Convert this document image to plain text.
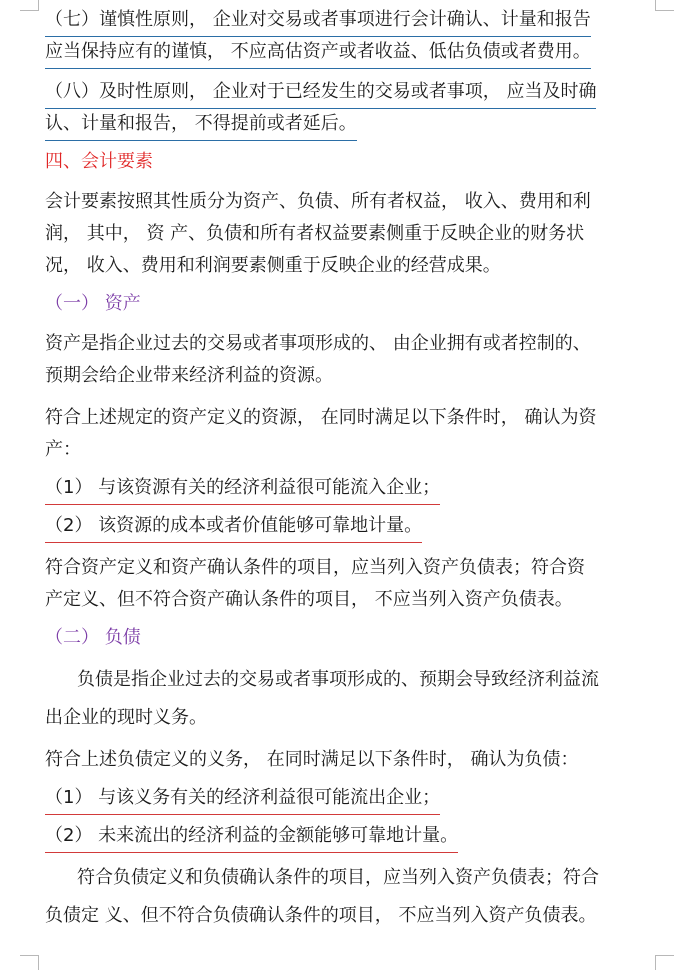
（七）谨慎性原则， 企业对交易或者事项进行会计确认、计量和报告
应当保持应有的谨慎， 不应高估资产或者收益、低估负债或者费用。
（八）及时性原则， 企业对于已经发生的交易或者事项， 应当及时确
认、计量和报告， 不得提前或者延后。
四、会计要素
会计要素按照其性质分为资产、负债、所有者权益， 收入、费用和利
润， 其中， 资 产、负债和所有者权益要素侧重于反映企业的财务状
况， 收入、费用和利润要素侧重于反映企业的经营成果。
（一） 资产
资产是指企业过去的交易或者事项形成的、 由企业拥有或者控制的、
预期会给企业带来经济利益的资源。
符合上述规定的资产定义的资源， 在同时满足以下条件时， 确认为资
产：
（1） 与该资源有关的经济利益很可能流入企业；
（2） 该资源的成本或者价值能够可靠地计量。
符合资产定义和资产确认条件的项目，应当列入资产负债表；符合资
产定义、但不符合资产确认条件的项目， 不应当列入资产负债表。
（二） 负债
负债是指企业过去的交易或者事项形成的、预期会导致经济利益流
出企业的现时义务。
符合上述负债定义的义务， 在同时满足以下条件时， 确认为负债：
（1） 与该义务有关的经济利益很可能流出企业；
（2） 未来流出的经济利益的金额能够可靠地计量。
符合负债定义和负债确认条件的项目，应当列入资产负债表；符合
负债定 义、但不符合负债确认条件的项目， 不应当列入资产负债表。
